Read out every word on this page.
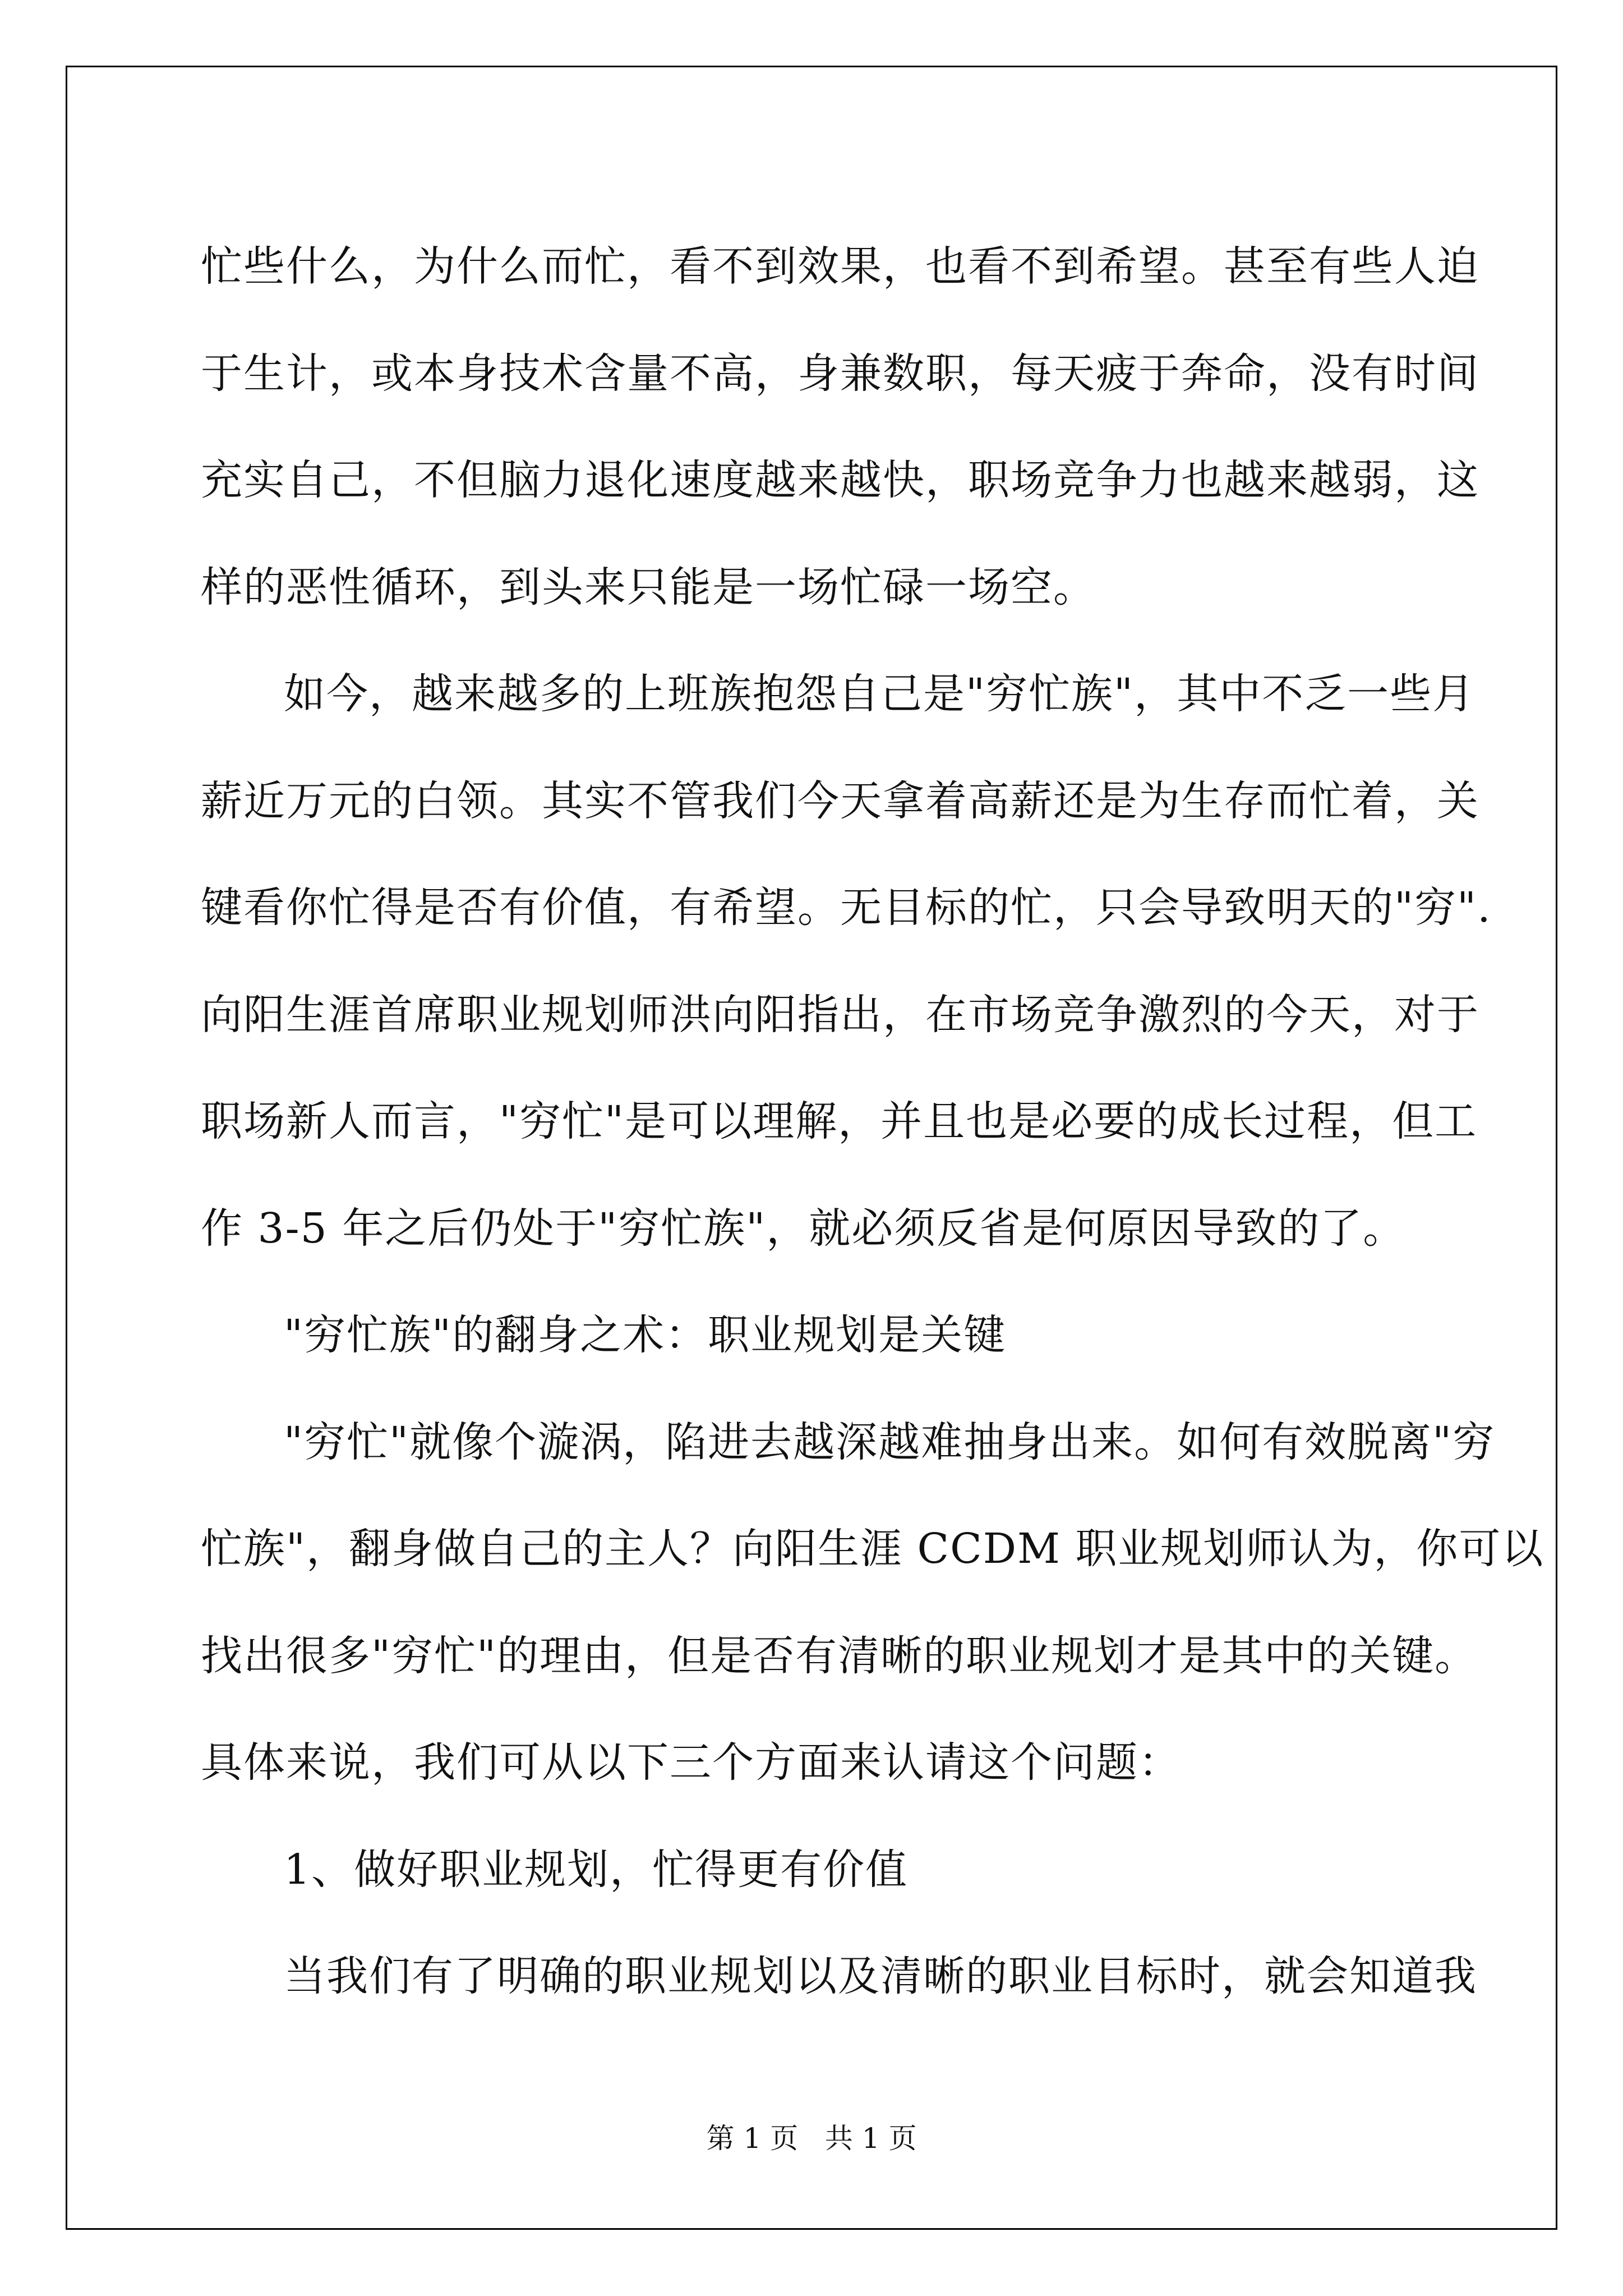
忙些什么，为什么而忙，看不到效果，也看不到希望。甚至有些人迫

于生计，或本身技术含量不高，身兼数职，每天疲于奔命，没有时间

充实自己，不但脑力退化速度越来越快，职场竞争力也越来越弱，这

样的恶性循环，到头来只能是一场忙碌一场空。

如今，越来越多的上班族抱怨自己是"穷忙族"，其中不乏一些月

薪近万元的白领。其实不管我们今天拿着高薪还是为生存而忙着，关

键看你忙得是否有价值，有希望。无目标的忙，只会导致明天的"穷".

向阳生涯首席职业规划师洪向阳指出，在市场竞争激烈的今天，对于

职场新人而言，"穷忙"是可以理解，并且也是必要的成长过程，但工

作 3-5 年之后仍处于"穷忙族"，就必须反省是何原因导致的了。

"穷忙族"的翻身之术：职业规划是关键

"穷忙"就像个漩涡，陷进去越深越难抽身出来。如何有效脱离"穷

忙族"，翻身做自己的主人？向阳生涯 CCDM 职业规划师认为，你可以

找出很多"穷忙"的理由，但是否有清晰的职业规划才是其中的关键。

具体来说，我们可从以下三个方面来认请这个问题：

1、做好职业规划，忙得更有价值

当我们有了明确的职业规划以及清晰的职业目标时，就会知道我

第 1 页 共 1 页
